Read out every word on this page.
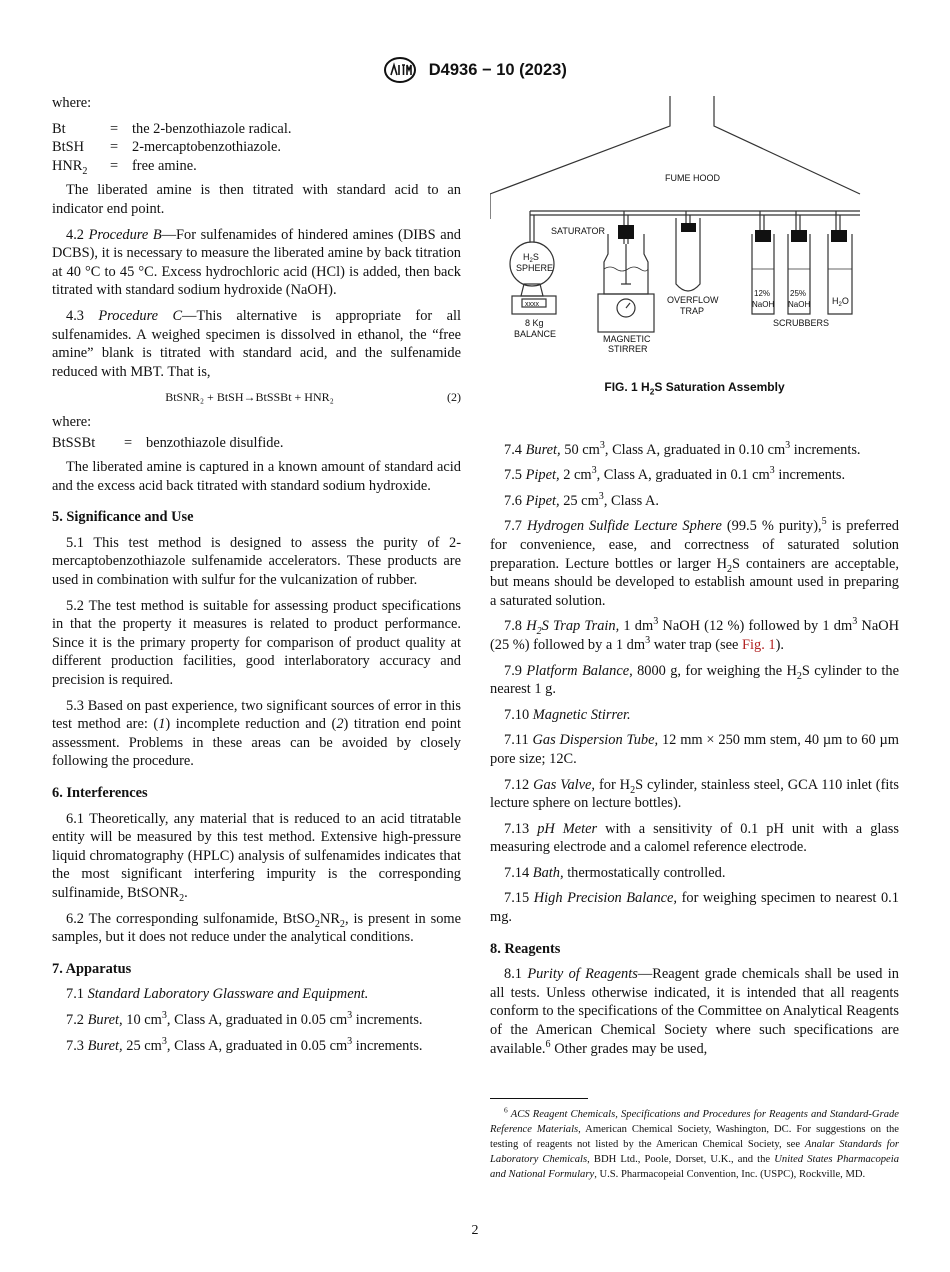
D4936 − 10 (2023)

where:

Bt	= the 2-benzothiazole radical.
BtSH	= 2-mercaptobenzothiazole.
$HNR_2$	= free amine.

The liberated amine is then titrated with standard acid to an indicator end point.

4.2 Procedure B—For sulfenamides of hindered amines (DIBS and DCBS), it is necessary to measure the liberated amine by back titration at 40 °C to 45 °C. Excess hydrochloric acid (HCl) is added, then back titrated with standard sodium hydroxide (NaOH).

4.3 Procedure C—This alternative is appropriate for all sulfenamides. A weighed specimen is dissolved in ethanol, the “free amine” blank is titrated with standard acid, and the sulfenamide reduced with MBT. That is,

BtSNR₂ + BtSH→BtSSBt + HNR₂	(2)

where:

BtSSBt	= benzothiazole disulfide.

The liberated amine is captured in a known amount of standard acid and the excess acid back titrated with standard sodium hydroxide.

5. Significance and Use

5.1 This test method is designed to assess the purity of 2-mercaptobenzothiazole sulfenamide accelerators. These products are used in combination with sulfur for the vulcanization of rubber.

5.2 The test method is suitable for assessing product specifications in that the property it measures is related to product performance. Since it is the primary property for comparison of product quality at different production facilities, good interlaboratory accuracy and precision is required.

5.3 Based on past experience, two significant sources of error in this test method are: (1) incomplete reduction and (2) titration end point assessment. Problems in these areas can be avoided by closely following the procedure.

6. Interferences

6.1 Theoretically, any material that is reduced to an acid titratable entity will be measured by this test method. Extensive high-pressure liquid chromatography (HPLC) analysis of sulfenamides indicates that the most significant interfering impurity is the corresponding sulfinamide, BtSONR$_2$.

6.2 The corresponding sulfonamide, $BtSO_2NR_2$, is present in some samples, but it does not reduce under the analytical conditions.

7. Apparatus

7.1 Standard Laboratory Glassware and Equipment.

7.2 Buret, 10 $cm^3$, Class A, graduated in 0.05 $cm^3$ increments.

7.3 Buret, 25 $cm^3$, Class A, graduated in 0.05 $cm^3$ increments.

FUME HOOD
SATURATOR
$H_2S$
SPHERE
xxxx
8 Kg
BALANCE	MAGNETIC
STIRRER
OVERFLOW
TRAP
12%
NaOH
25%
NaOH $H_2O$
SCRUBBERS
FIG. 1 $H_2S$ Saturation Assembly

7.4 Buret, 50 $cm^3$, Class A, graduated in 0.10 $cm^3$ increments.

7.5 Pipet, 2 $cm^3$, Class A, graduated in 0.1 $cm^3$ increments.

7.6 Pipet, 25 $cm^3$, Class A.

7.7 Hydrogen Sulfide Lecture Sphere (99.5 % purity),$^5$ is preferred for convenience, ease, and correctness of saturated solution preparation. Lecture bottles or larger $H_2S$ containers are acceptable, but means should be developed to establish amount used in preparing a saturated solution.

7.8 $H_2S$ Trap Train, 1 $dm^3$ NaOH (12 %) followed by 1 $dm^3$ NaOH (25 %) followed by a 1 $dm^3$ water trap (see Fig. 1).

7.9 Platform Balance, 8000 g, for weighing the $H_2S$ cylinder to the nearest 1 g.

7.10 Magnetic Stirrer.

7.11 Gas Dispersion Tube, 12 mm × 250 mm stem, 40 µm to 60 µm pore size; 12C.

7.12 Gas Valve, for $H_2S$ cylinder, stainless steel, GCA 110 inlet (fits lecture sphere on lecture bottles).

7.13 pH Meter with a sensitivity of 0.1 pH unit with a glass measuring electrode and a calomel reference electrode.

7.14 Bath, thermostatically controlled.

7.15 High Precision Balance, for weighing specimen to nearest 0.1 mg.

8. Reagents

8.1 Purity of Reagents—Reagent grade chemicals shall be used in all tests. Unless otherwise indicated, it is intended that all reagents conform to the specifications of the Committee on Analytical Reagents of the American Chemical Society where such specifications are available.$^6$ Other grades may be used,

$^6$ ACS Reagent Chemicals, Specifications and Procedures for Reagents and Standard-Grade Reference Materials, American Chemical Society, Washington, DC. For suggestions on the testing of reagents not listed by the American Chemical Society, see Analar Standards for Laboratory Chemicals, BDH Ltd., Poole, Dorset, U.K., and the United States Pharmacopeia and National Formulary, U.S. Pharmacopeial Convention, Inc. (USPC), Rockville, MD.
2
